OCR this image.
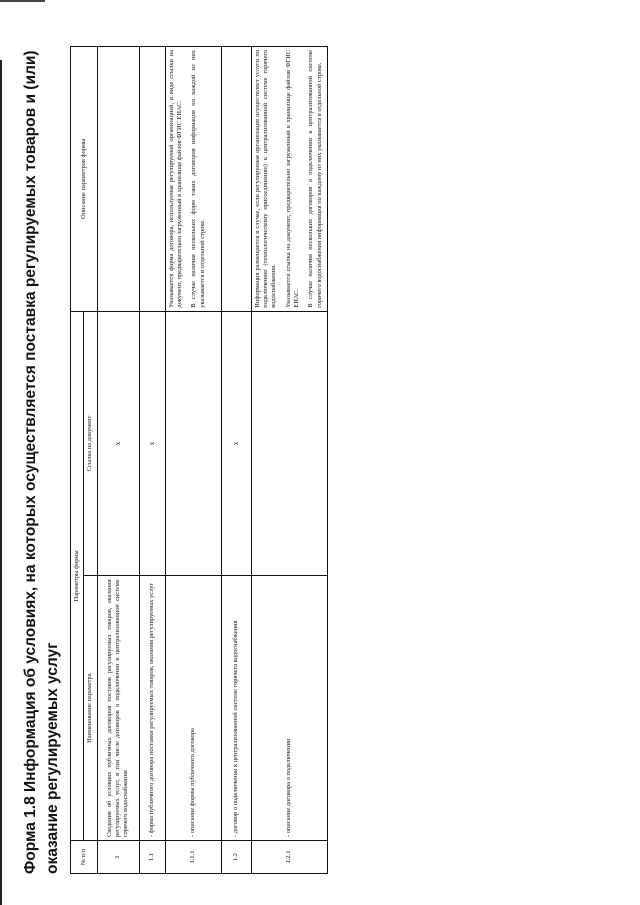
Форма 1.8 Информация об условиях, на которых осуществляется поставка регулируемых товаров и (или) оказание регулируемых услуг	№ п/п	Параметры формы		Описание параметров формы
	Наименование параметра	Ссылка на документ	
1	Сведения об условиях публичных договоров поставок регулируемых товаров, оказания регулируемых услуг, в том числе договоров о подключении к централизованной системе горячего водоснабжения	x	
1.1	- форма публичного договора поставки регулируемых товаров, оказания регулируемых услуг	x	
1.1.1	- описание формы публичного договора		Указывается форма договора, используемая регулируемой организацией, в виде ссылки на документ, предварительно загруженный в хранилище файлов ФГИС ЕИАС. В случае наличия нескольких форм таких договоров информация по каждой из них указывается в отдельной строке.

1.2	- договор о подключении к централизованной системе горячего водоснабжения	x	
1.2.1	- описание договора о подключении		Информация размещается в случае, если регулируемая организация осуществляет услуги по подключению (технологическому присоединению) к централизованной системе горячего водоснабжения. Указывается ссылка на документ, предварительно загруженный в хранилище файлов ФГИС ЕИАС. В случае наличия нескольких договоров о подключении к централизованной системе горячего водоснабжения информация по каждому из них указывается в отдельной строке.
